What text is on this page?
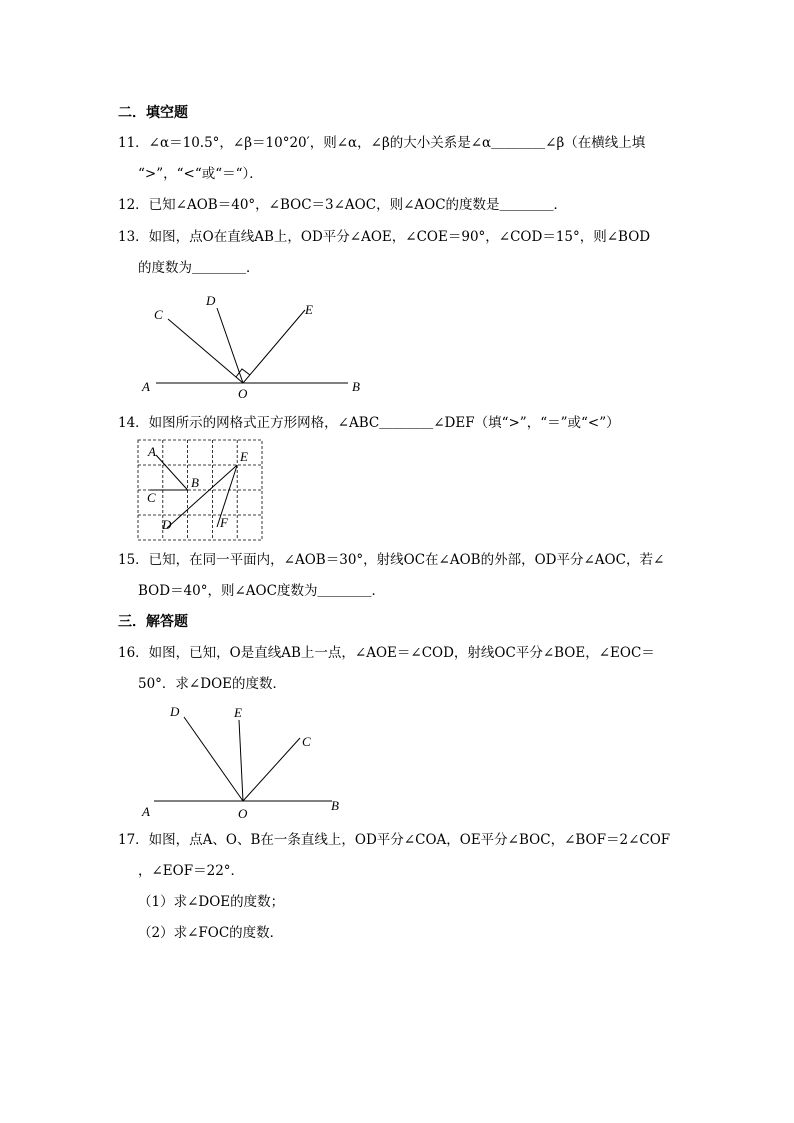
二．填空题
11．∠α＝10.5°，∠β＝10°20′，则∠α，∠β的大小关系是∠α＿＿＿＿∠β（在横线上填
“>”，“<“或“＝“）．
12．已知∠AOB＝40°，∠BOC＝3∠AOC，则∠AOC的度数是＿＿＿＿．
13．如图，点O在直线AB上，OD平分∠AOE，∠COE＝90°，∠COD＝15°，则∠BOD
的度数为＿＿＿＿．
C
D
E
A	B
O
14．如图所示的网格式正方形网格，∠ABC＿＿＿＿∠DEF（填“>”，“＝”或“<”）
A
B
C
D
E
F
15．已知，在同一平面内，∠AOB＝30°，射线OC在∠AOB的外部，OD平分∠AOC，若∠
BOD＝40°，则∠AOC度数为＿＿＿＿．
三．解答题
16．如图，已知，O是直线AB上一点，∠AOE＝∠COD，射线OC平分∠BOE，∠EOC＝
50°．求∠DOE的度数．
D	E
C
A	B
O
17．如图，点A、O、B在一条直线上，OD平分∠COA，OE平分∠BOC，∠BOF＝2∠COF
，∠EOF＝22°．
（1）求∠DOE的度数；
（2）求∠FOC的度数．
